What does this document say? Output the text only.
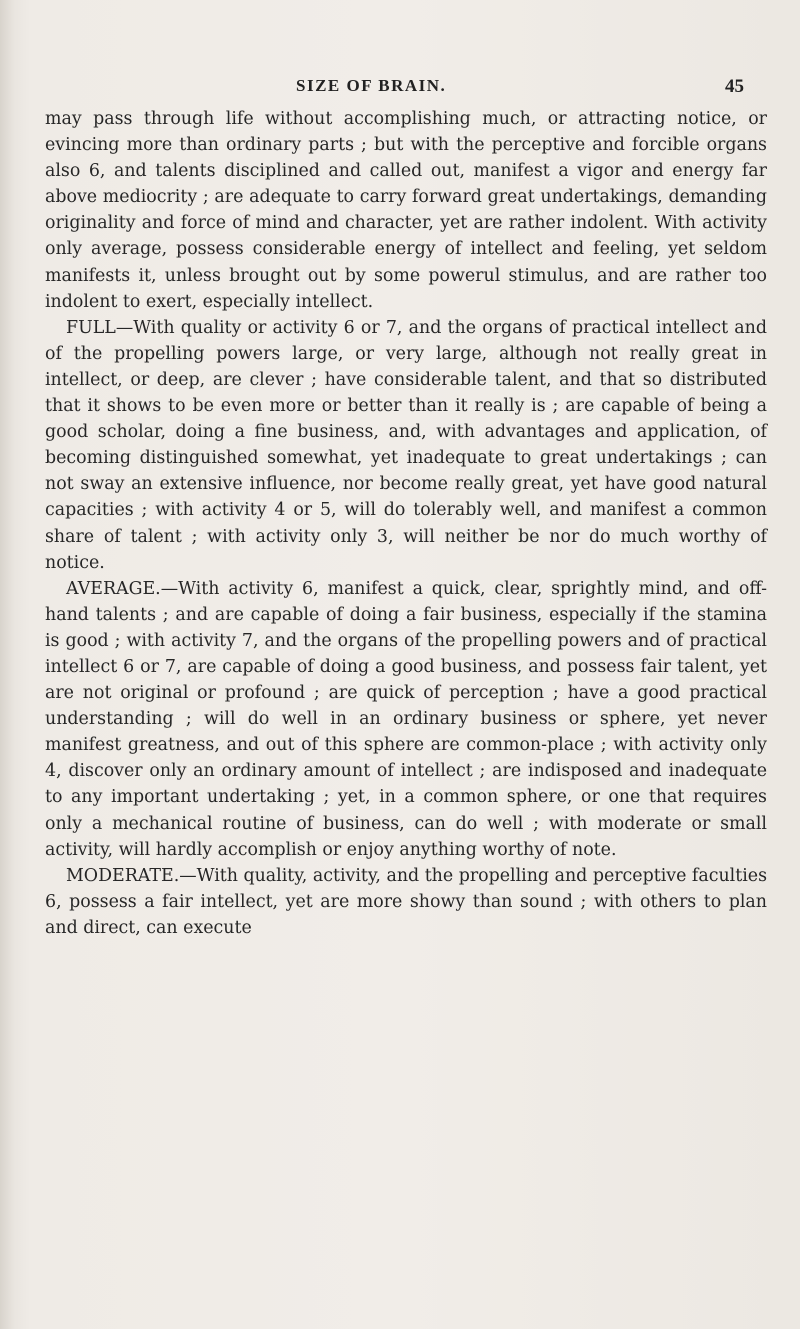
SIZE OF BRAIN.	45

may pass through life without accomplishing much, or attracting notice, or evincing more than ordinary parts ; but with the perceptive and forcible organs also 6, and talents disciplined and called out, manifest a vigor and energy far above mediocrity ; are adequate to carry forward great undertakings, demanding originality and force of mind and character, yet are rather indolent. With activity only average, possess considerable energy of intellect and feeling, yet seldom manifests it, unless brought out by some powerul stimulus, and are rather too indolent to exert, especially intellect.

FULL—With quality or activity 6 or 7, and the organs of practical intellect and of the propelling powers large, or very large, although not really great in intellect, or deep, are clever ; have considerable talent, and that so distributed that it shows to be even more or better than it really is ; are capable of being a good scholar, doing a fine business, and, with advantages and application, of becoming distinguished somewhat, yet inadequate to great undertakings ; can not sway an extensive influence, nor become really great, yet have good natural capacities ; with activity 4 or 5, will do tolerably well, and manifest a common share of talent ; with activity only 3, will neither be nor do much worthy of notice.

AVERAGE.—With activity 6, manifest a quick, clear, sprightly mind, and off-hand talents ; and are capable of doing a fair business, especially if the stamina is good ; with activity 7, and the organs of the propelling powers and of practical intellect 6 or 7, are capable of doing a good business, and possess fair talent, yet are not original or profound ; are quick of perception ; have a good practical understanding ; will do well in an ordinary business or sphere, yet never manifest greatness, and out of this sphere are common-place ; with activity only 4, discover only an ordinary amount of intellect ; are indisposed and inadequate to any important undertaking ; yet, in a common sphere, or one that requires only a mechanical routine of business, can do well ; with moderate or small activity, will hardly accomplish or enjoy anything worthy of note.

MODERATE.—With quality, activity, and the propelling and perceptive faculties 6, possess a fair intellect, yet are more showy than sound ; with others to plan and direct, can execute
